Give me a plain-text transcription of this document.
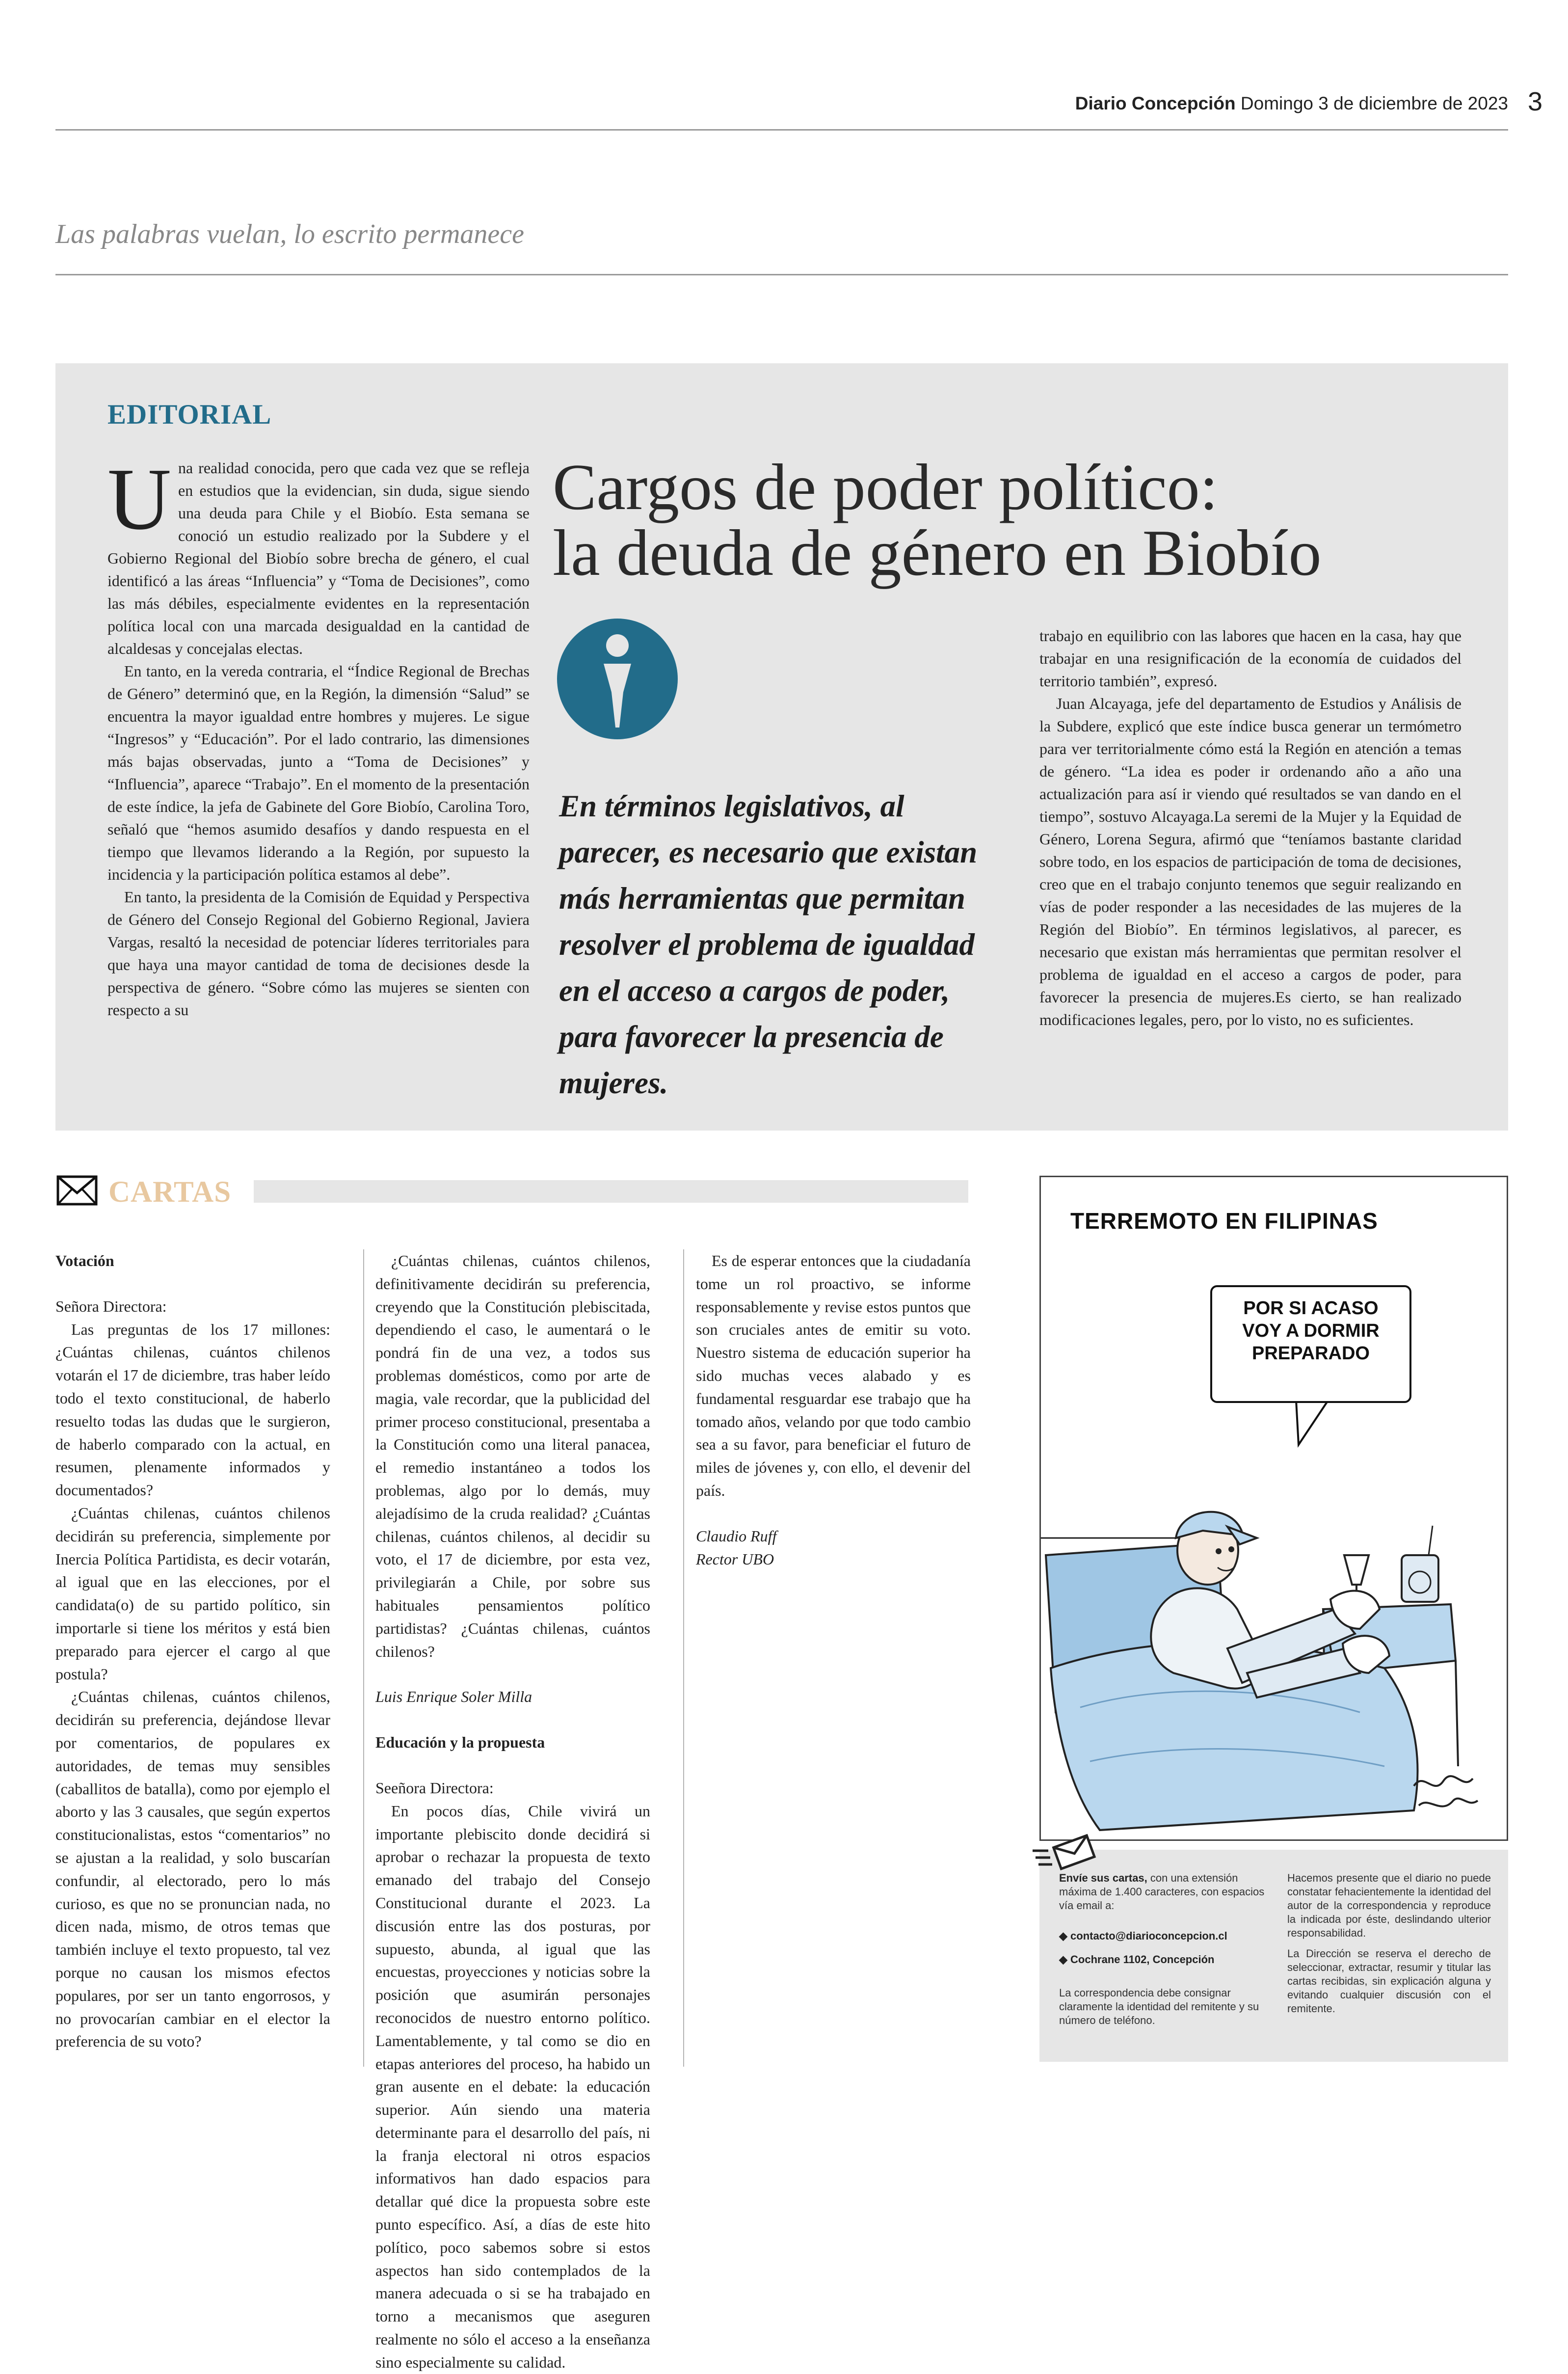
Diario Concepción Domingo 3 de diciembre de 2023 3
Las palabras vuelan, lo escrito permanece
EDITORIAL

Una realidad conocida, pero que cada vez que se refleja en estudios que la evidencian, sin duda, sigue siendo una deuda para Chile y el Biobío. Esta semana se conoció un estudio realizado por la Subdere y el Gobierno Regional del Biobío sobre brecha de género, el cual identificó a las áreas “Influencia” y “Toma de Decisiones”, como las más débiles, especialmente evidentes en la representación política local con una marcada desigualdad en la cantidad de alcaldesas y concejalas electas.

En tanto, en la vereda contraria, el “Índice Regional de Brechas de Género” determinó que, en la Región, la dimensión “Salud” se encuentra la mayor igualdad entre hombres y mujeres. Le sigue “Ingresos” y “Educación”. Por el lado contrario, las dimensiones más bajas observadas, junto a “Toma de Decisiones” y “Influencia”, aparece “Trabajo”. En el momento de la presentación de este índice, la jefa de Gabinete del Gore Biobío, Carolina Toro, señaló que “hemos asumido desafíos y dando respuesta en el tiempo que llevamos liderando a la Región, por supuesto la incidencia y la participación política estamos al debe”.

En tanto, la presidenta de la Comisión de Equidad y Perspectiva de Género del Consejo Regional del Gobierno Regional, Javiera Vargas, resaltó la necesidad de potenciar líderes territoriales para que haya una mayor cantidad de toma de decisiones desde la perspectiva de género. “Sobre cómo las mujeres se sienten con respecto a su

Cargos de poder político:
la deuda de género en Biobío
En términos legislativos, al parecer, es necesario que existan más herramientas que permitan resolver el problema de igualdad en el acceso a cargos de poder, para favorecer la presencia de mujeres.

trabajo en equilibrio con las labores que hacen en la casa, hay que trabajar en una resignificación de la economía de cuidados del territorio también”, expresó.

Juan Alcayaga, jefe del departamento de Estudios y Análisis de la Subdere, explicó que este índice busca generar un termómetro para ver territorialmente cómo está la Región en atención a temas de género. “La idea es poder ir ordenando año a año una actualización para así ir viendo qué resultados se van dando en el tiempo”, sostuvo Alcayaga.La seremi de la Mujer y la Equidad de Género, Lorena Segura, afirmó que “teníamos bastante claridad sobre todo, en los espacios de participación de toma de decisiones, creo que en el trabajo conjunto tenemos que seguir realizando en vías de poder responder a las necesidades de las mujeres de la Región del Biobío”. En términos legislativos, al parecer, es necesario que existan más herramientas que permitan resolver el problema de igualdad en el acceso a cargos de poder, para favorecer la presencia de mujeres.Es cierto, se han realizado modificaciones legales, pero, por lo visto, no es suficientes.

CARTAS

Votación

Señora Directora:

Las preguntas de los 17 millones: ¿Cuántas chilenas, cuántos chilenos votarán el 17 de diciembre, tras haber leído todo el texto constitucional, de haberlo resuelto todas las dudas que le surgieron, de haberlo comparado con la actual, en resumen, plenamente informados y documentados?

¿Cuántas chilenas, cuántos chilenos decidirán su preferencia, simplemente por Inercia Política Partidista, es decir votarán, al igual que en las elecciones, por el candidata(o) de su partido político, sin importarle si tiene los méritos y está bien preparado para ejercer el cargo al que postula?

¿Cuántas chilenas, cuántos chilenos, decidirán su preferencia, dejándose llevar por comentarios, de populares ex autoridades, de temas muy sensibles (caballitos de batalla), como por ejemplo el aborto y las 3 causales, que según expertos constitucionalistas, estos “comentarios” no se ajustan a la realidad, y solo buscarían confundir, al electorado, pero lo más curioso, es que no se pronuncian nada, no dicen nada, mismo, de otros temas que también incluye el texto propuesto, tal vez porque no causan los mismos efectos populares, por ser un tanto engorrosos, y no provocarían cambiar en el elector la preferencia de su voto?

¿Cuántas chilenas, cuántos chilenos, definitivamente decidirán su preferencia, creyendo que la Constitución plebiscitada, dependiendo el caso, le aumentará o le pondrá fin de una vez, a todos sus problemas domésticos, como por arte de magia, vale recordar, que la publicidad del primer proceso constitucional, presentaba a la Constitución como una literal panacea, el remedio instantáneo a todos los problemas, algo por lo demás, muy alejadísimo de la cruda realidad? ¿Cuántas chilenas, cuántos chilenos, al decidir su voto, el 17 de diciembre, por esta vez, privilegiarán a Chile, por sobre sus habituales pensamientos político partidistas? ¿Cuántas chilenas, cuántos chilenos?

Luis Enrique Soler Milla

Educación y la propuesta

Seeñora Directora:

En pocos días, Chile vivirá un importante plebiscito donde decidirá si aprobar o rechazar la propuesta de texto emanado del trabajo del Consejo Constitucional durante el 2023. La discusión entre las dos posturas, por supuesto, abunda, al igual que las encuestas, proyecciones y noticias sobre la posición que asumirán personajes reconocidos de nuestro entorno político. Lamentablemente, y tal como se dio en etapas anteriores del proceso, ha habido un gran ausente en el debate: la educación superior. Aún siendo una materia determinante para el desarrollo del país, ni la franja electoral ni otros espacios informativos han dado espacios para detallar qué dice la propuesta sobre este punto específico. Así, a días de este hito político, poco sabemos sobre si estos aspectos han sido contemplados de la manera adecuada o si se ha trabajado en torno a mecanismos que aseguren realmente no sólo el acceso a la enseñanza sino especialmente su calidad.

Es de esperar entonces que la ciudadanía tome un rol proactivo, se informe responsablemente y revise estos puntos que son cruciales antes de emitir su voto. Nuestro sistema de educación superior ha sido muchas veces alabado y es fundamental resguardar ese trabajo que ha tomado años, velando por que todo cambio sea a su favor, para beneficiar el futuro de miles de jóvenes y, con ello, el devenir del país.

Claudio Ruff

Rector UBO

TERREMOTO EN FILIPINAS
POR SI ACASO
VOY A DORMIR
PREPARADO
Envíe sus cartas, con una extensión máxima de 1.400 caracteres, con espacios vía email a:
◆ contacto@diarioconcepcion.cl
◆ Cochrane 1102, Concepción
La correspondencia debe consignar claramente la identidad del remitente y su número de teléfono.

Hacemos presente que el diario no puede constatar fehacientemente la identidad del autor de la correspondencia y reproduce la indicada por éste, deslindando ulterior responsabilidad.

La Dirección se reserva el derecho de seleccionar, extractar, resumir y titular las cartas recibidas, sin explicación alguna y evitando cualquier discusión con el remitente.
